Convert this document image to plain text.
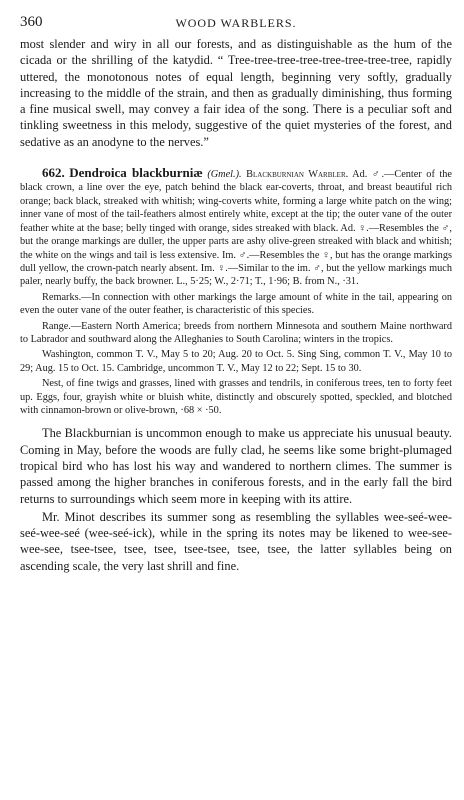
360	WOOD WARBLERS.

most slender and wiry in all our forests, and as distinguishable as the hum of the cicada or the shrilling of the katydid. “ Tree-tree-tree-tree-tree-tree-tree-tree, rapidly uttered, the monotonous notes of equal length, beginning very softly, gradually increasing to the middle of the strain, and then as gradually diminishing, thus forming a fine musical swell, may convey a fair idea of the song. There is a peculiar soft and tinkling sweetness in this melody, suggestive of the quiet mysteries of the forest, and sedative as an anodyne to the nerves.”

662. Dendroica blackburniæ (Gmel.). Blackburnian Warbler. Ad. ♂.—Center of the black crown, a line over the eye, patch behind the black ear-coverts, throat, and breast beautiful rich orange; back black, streaked with whitish; wing-coverts white, forming a large white patch on the wing; inner vane of most of the tail-feathers almost entirely white, except at the tip; the outer vane of the outer feather white at the base; belly tinged with orange, sides streaked with black. Ad. ♀.—Resembles the ♂, but the orange markings are duller, the upper parts are ashy olive-green streaked with black and whitish; the white on the wings and tail is less extensive. Im. ♂.—Resembles the ♀, but has the orange markings dull yellow, the crown-patch nearly absent. Im. ♀.—Similar to the im. ♂, but the yellow markings much paler, nearly buffy, the back browner. L., 5·25; W., 2·71; T., 1·96; B. from N., ·31.

Remarks.—In connection with other markings the large amount of white in the tail, appearing on even the outer vane of the outer feather, is characteristic of this species.

Range.—Eastern North America; breeds from northern Minnesota and southern Maine northward to Labrador and southward along the Alleghanies to South Carolina; winters in the tropics.

Washington, common T. V., May 5 to 20; Aug. 20 to Oct. 5. Sing Sing, common T. V., May 10 to 29; Aug. 15 to Oct. 15. Cambridge, uncommon T. V., May 12 to 22; Sept. 15 to 30.

Nest, of fine twigs and grasses, lined with grasses and tendrils, in coniferous trees, ten to forty feet up. Eggs, four, grayish white or bluish white, distinctly and obscurely spotted, speckled, and blotched with cinnamon-brown or olive-brown, ·68 × ·50.

The Blackburnian is uncommon enough to make us appreciate his unusual beauty. Coming in May, before the woods are fully clad, he seems like some bright-plumaged tropical bird who has lost his way and wandered to northern climes. The summer is passed among the higher branches in coniferous forests, and in the early fall the bird returns to surroundings which seem more in keeping with its attire.

Mr. Minot describes its summer song as resembling the syllables wee-seé-wee-seé-wee-seé (wee-seé-ick), while in the spring its notes may be likened to wee-see-wee-see, tsee-tsee, tsee, tsee, tsee-tsee, tsee, tsee, the latter syllables being on ascending scale, the very last shrill and fine.
